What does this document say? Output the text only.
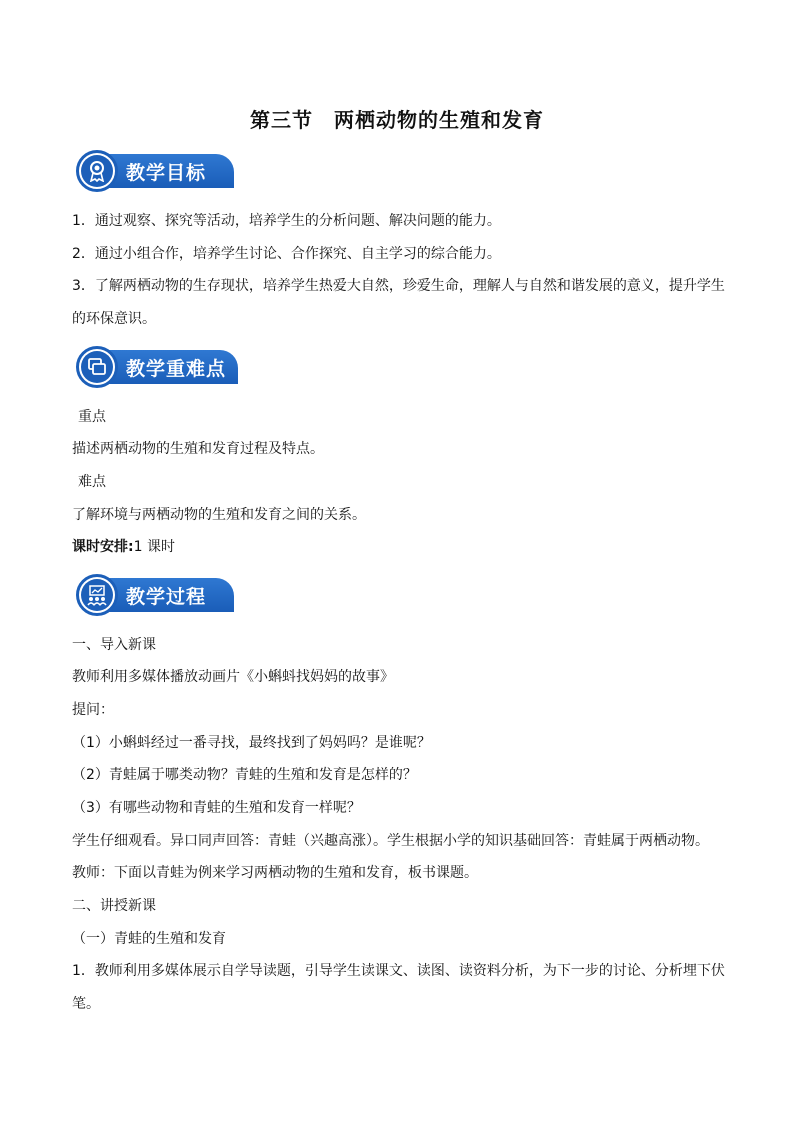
第三节　两栖动物的生殖和发育
教学目标
1．通过观察、探究等活动，培养学生的分析问题、解决问题的能力。
2．通过小组合作，培养学生讨论、合作探究、自主学习的综合能力。
3．了解两栖动物的生存现状，培养学生热爱大自然，珍爱生命，理解人与自然和谐发展的意义，提升学生
的环保意识。
教学重难点
重点
描述两栖动物的生殖和发育过程及特点。
难点
了解环境与两栖动物的生殖和发育之间的关系。
课时安排:1 课时
教学过程
一、导入新课
教师利用多媒体播放动画片《小蝌蚪找妈妈的故事》
提问：
（1）小蝌蚪经过一番寻找，最终找到了妈妈吗？是谁呢？
（2）青蛙属于哪类动物？青蛙的生殖和发育是怎样的？
（3）有哪些动物和青蛙的生殖和发育一样呢？
学生仔细观看。异口同声回答：青蛙（兴趣高涨）。学生根据小学的知识基础回答：青蛙属于两栖动物。
教师：下面以青蛙为例来学习两栖动物的生殖和发育，板书课题。
二、讲授新课
（一）青蛙的生殖和发育
1．教师利用多媒体展示自学导读题，引导学生读课文、读图、读资料分析，为下一步的讨论、分析埋下伏
笔。
